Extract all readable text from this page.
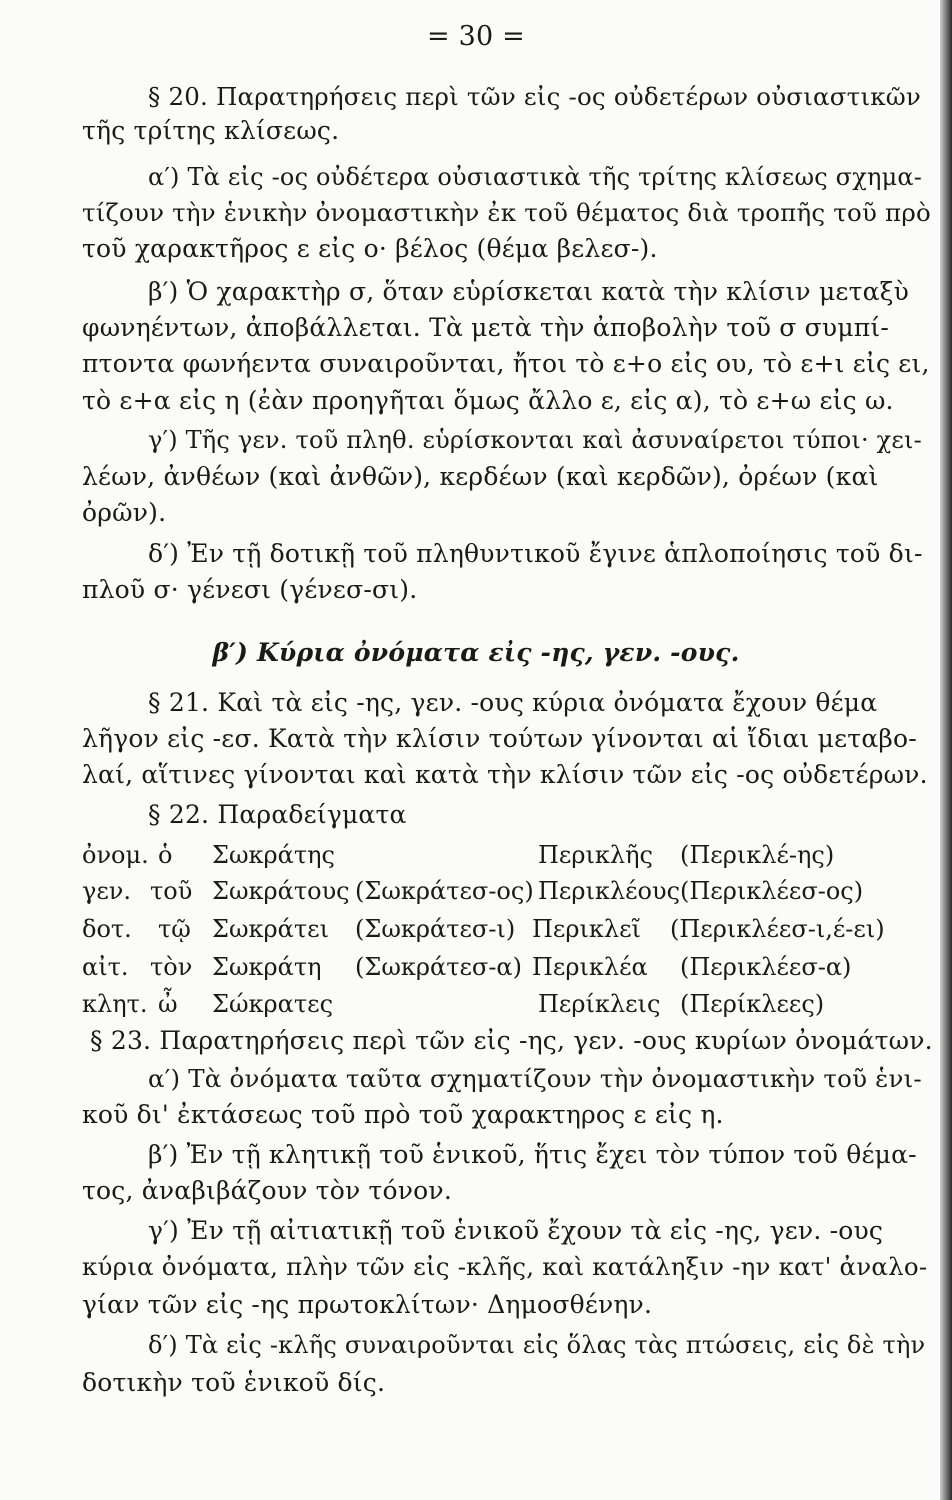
= 30 =
§ 20. Παρατηρήσεις περὶ τῶν εἰς -ος οὐδετέρων οὐσιαστικῶν
τῆς τρίτης κλίσεως.
α′) Τὰ εἰς -ος οὐδέτερα οὐσιαστικὰ τῆς τρίτης κλίσεως σχημα-
τίζουν τὴν ἑνικὴν ὀνομαστικὴν ἐκ τοῦ θέματος διὰ τροπῆς τοῦ πρὸ
τοῦ χαρακτῆρος ε εἰς ο· βέλος (θέμα βελεσ-).
β′) Ὁ χαρακτὴρ σ, ὅταν εὑρίσκεται κατὰ τὴν κλίσιν μεταξὺ
φωνηέντων, ἀποβάλλεται. Τὰ μετὰ τὴν ἀποβολὴν τοῦ σ συμπί-
πτοντα φωνήεντα συναιροῦνται, ἤτοι τὸ ε+ο εἰς ου, τὸ ε+ι εἰς ει,
τὸ ε+α εἰς η (ἐὰν προηγῆται ὅμως ἄλλο ε, εἰς α), τὸ ε+ω εἰς ω.
γ′) Τῆς γεν. τοῦ πληθ. εὑρίσκονται καὶ ἀσυναίρετοι τύποι· χει-
λέων, ἀνθέων (καὶ ἀνθῶν), κερδέων (καὶ κερδῶν), ὀρέων (καὶ
ὀρῶν).
δ′) Ἐν τῇ δοτικῇ τοῦ πληθυντικοῦ ἔγινε ἁπλοποίησις τοῦ δι-
πλοῦ σ· γένεσι (γένεσ-σι).
β′) Κύρια ὀνόματα εἰς -ης, γεν. -ους.
§ 21. Καὶ τὰ εἰς -ης, γεν. -ους κύρια ὀνόματα ἔχουν θέμα
λῆγον εἰς -εσ. Κατὰ τὴν κλίσιν τούτων γίνονται αἱ ἴδιαι μεταβο-
λαί, αἵτινες γίνονται καὶ κατὰ τὴν κλίσιν τῶν εἰς -ος οὐδετέρων.
§ 22. Παραδείγματα
ὀνομ. ὁ Σωκράτης	Περικλῆς (Περικλέ-ης)
γεν. τοῦ Σωκράτους (Σωκράτεσ-ος) Περικλέους (Περικλέεσ-ος)
δοτ. τῷ Σωκράτει (Σωκράτεσ-ι) Περικλεῖ (Περικλέεσ-ι,έ-ει)
αἰτ. τὸν Σωκράτη (Σωκράτεσ-α) Περικλέα (Περικλέεσ-α)
κλητ. ὦ Σώκρατες	Περίκλεις (Περίκλεες)
§ 23. Παρατηρήσεις περὶ τῶν εἰς -ης, γεν. -ους κυρίων ὀνομάτων.
α′) Τὰ ὀνόματα ταῦτα σχηματίζουν τὴν ὀνομαστικὴν τοῦ ἑνι-
κοῦ δι' ἐκτάσεως τοῦ πρὸ τοῦ χαρακτηρος ε εἰς η.
β′) Ἐν τῇ κλητικῇ τοῦ ἑνικοῦ, ἥτις ἔχει τὸν τύπον τοῦ θέμα-
τος, ἀναβιβάζουν τὸν τόνον.
γ′) Ἐν τῇ αἰτιατικῇ τοῦ ἑνικοῦ ἔχουν τὰ εἰς -ης, γεν. -ους
κύρια ὀνόματα, πλὴν τῶν εἰς -κλῆς, καὶ κατάληξιν -ην κατ' ἀναλο-
γίαν τῶν εἰς -ης πρωτοκλίτων· Δημοσθένην.
δ′) Τὰ εἰς -κλῆς συναιροῦνται εἰς ὅλας τὰς πτώσεις, εἰς δὲ τὴν
δοτικὴν τοῦ ἑνικοῦ δίς.
